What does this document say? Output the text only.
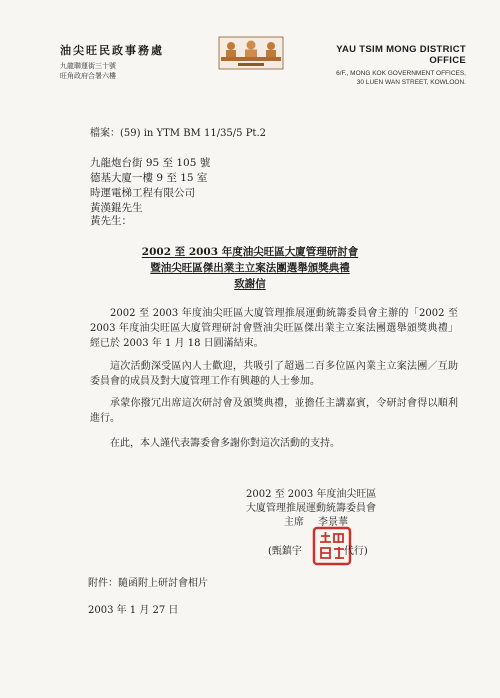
油尖旺民政事務處
九龍聯運街三十號
旺角政府合署六樓
YAU TSIM MONG DISTRICT OFFICE
6/F., MONG KOK GOVERNMENT OFFICES,
30 LUEN WAN STREET, KOWLOON.
檔案：(59) in YTM BM 11/35/5 Pt.2
九龍炮台街 95 至 105 號
德基大廈一樓 9 至 15 室
時運電梯工程有限公司
黃漢錕先生
黃先生：
2002 至 2003 年度油尖旺區大廈管理研討會
暨油尖旺區傑出業主立案法團選舉頒獎典禮
致謝信
2002 至 2003 年度油尖旺區大廈管理推展運動統籌委員會主辦的「2002 至 2003 年度油尖旺區大廈管理研討會暨油尖旺區傑出業主立案法團選舉頒獎典禮」經已於 2003 年 1 月 18 日圓滿結束。
這次活動深受區內人士歡迎，共吸引了超過二百多位區內業主立案法團／互助委員會的成員及對大廈管理工作有興趣的人士參加。
承蒙你撥冗出席這次研討會及頒獎典禮，並擔任主講嘉賓，令研討會得以順利進行。
在此，本人謹代表籌委會多謝你對這次活動的支持。
2002 至 2003 年度油尖旺區
大廈管理推展運動統籌委員會
主席 李景華
(甄鎮宇	代行)
附件：隨函附上研討會相片
2003 年 1 月 27 日
